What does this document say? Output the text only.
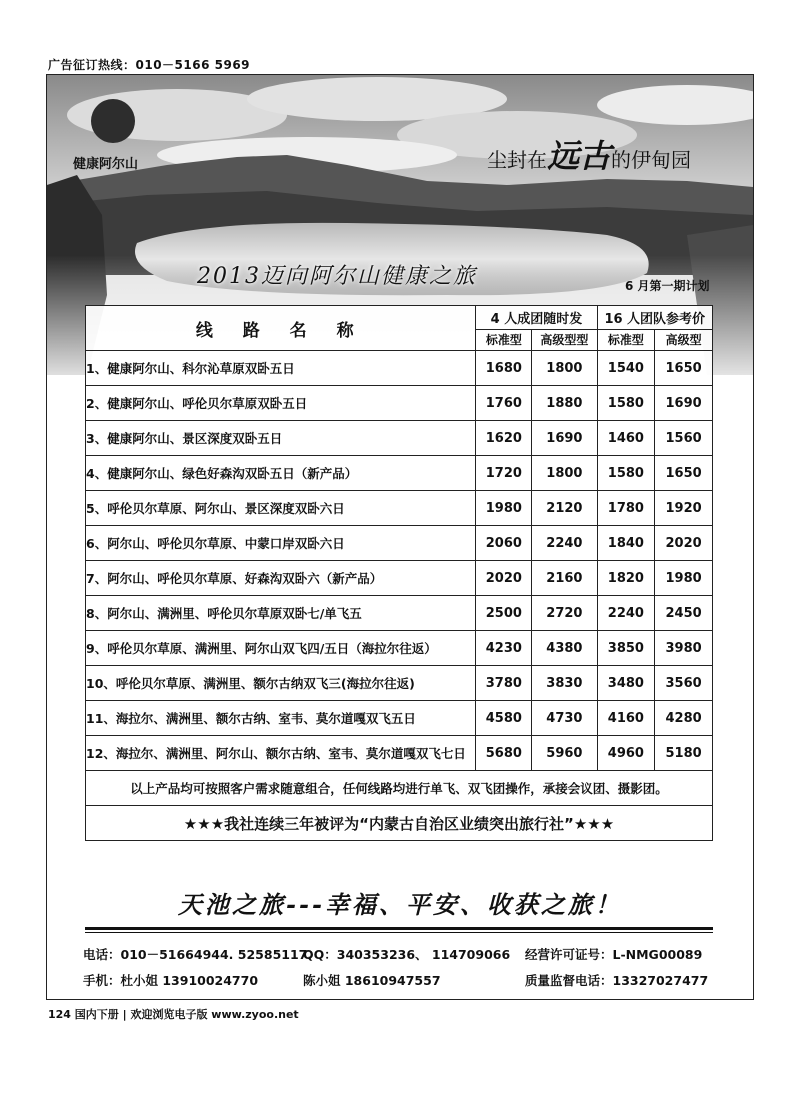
广告征订热线：010－5166 5969
健康阿尔山	尘封在远古的伊甸园
2013迈向阿尔山健康之旅	6 月第一期计划
线 路 名 称	4 人成团随时发		16 人团队参考价	
	标准型	高级型型	标准型	高级型
1、健康阿尔山、科尔沁草原双卧五日	1680	1800	1540	1650
2、健康阿尔山、呼伦贝尔草原双卧五日	1760	1880	1580	1690
3、健康阿尔山、景区深度双卧五日	1620	1690	1460	1560
4、健康阿尔山、绿色好森沟双卧五日（新产品）	1720	1800	1580	1650
5、呼伦贝尔草原、阿尔山、景区深度双卧六日	1980	2120	1780	1920
6、阿尔山、呼伦贝尔草原、中蒙口岸双卧六日	2060	2240	1840	2020
7、阿尔山、呼伦贝尔草原、好森沟双卧六（新产品）	2020	2160	1820	1980
8、阿尔山、满洲里、呼伦贝尔草原双卧七/单飞五	2500	2720	2240	2450
9、呼伦贝尔草原、满洲里、阿尔山双飞四/五日（海拉尔往返）	4230	4380	3850	3980
10、呼伦贝尔草原、满洲里、额尔古纳双飞三(海拉尔往返)	3780	3830	3480	3560
11、海拉尔、满洲里、额尔古纳、室韦、莫尔道嘎双飞五日	4580	4730	4160	4280
12、海拉尔、满洲里、阿尔山、额尔古纳、室韦、莫尔道嘎双飞七日	5680	5960	4960	5180
以上产品均可按照客户需求随意组合，任何线路均进行单飞、双飞团操作，承接会议团、摄影团。				
★★★我社连续三年被评为“内蒙古自治区业绩突出旅行社”★★★				
天池之旅---幸福、平安、收获之旅！
电话：010－51664944. 52585117.
QQ：340353236、 114709066 经营许可证号：L-NMG00089
手机：杜小姐 13910024770	陈小姐 18610947557	质量监督电话：13327027477
124 国内下册 | 欢迎浏览电子版 www.zyoo.net
